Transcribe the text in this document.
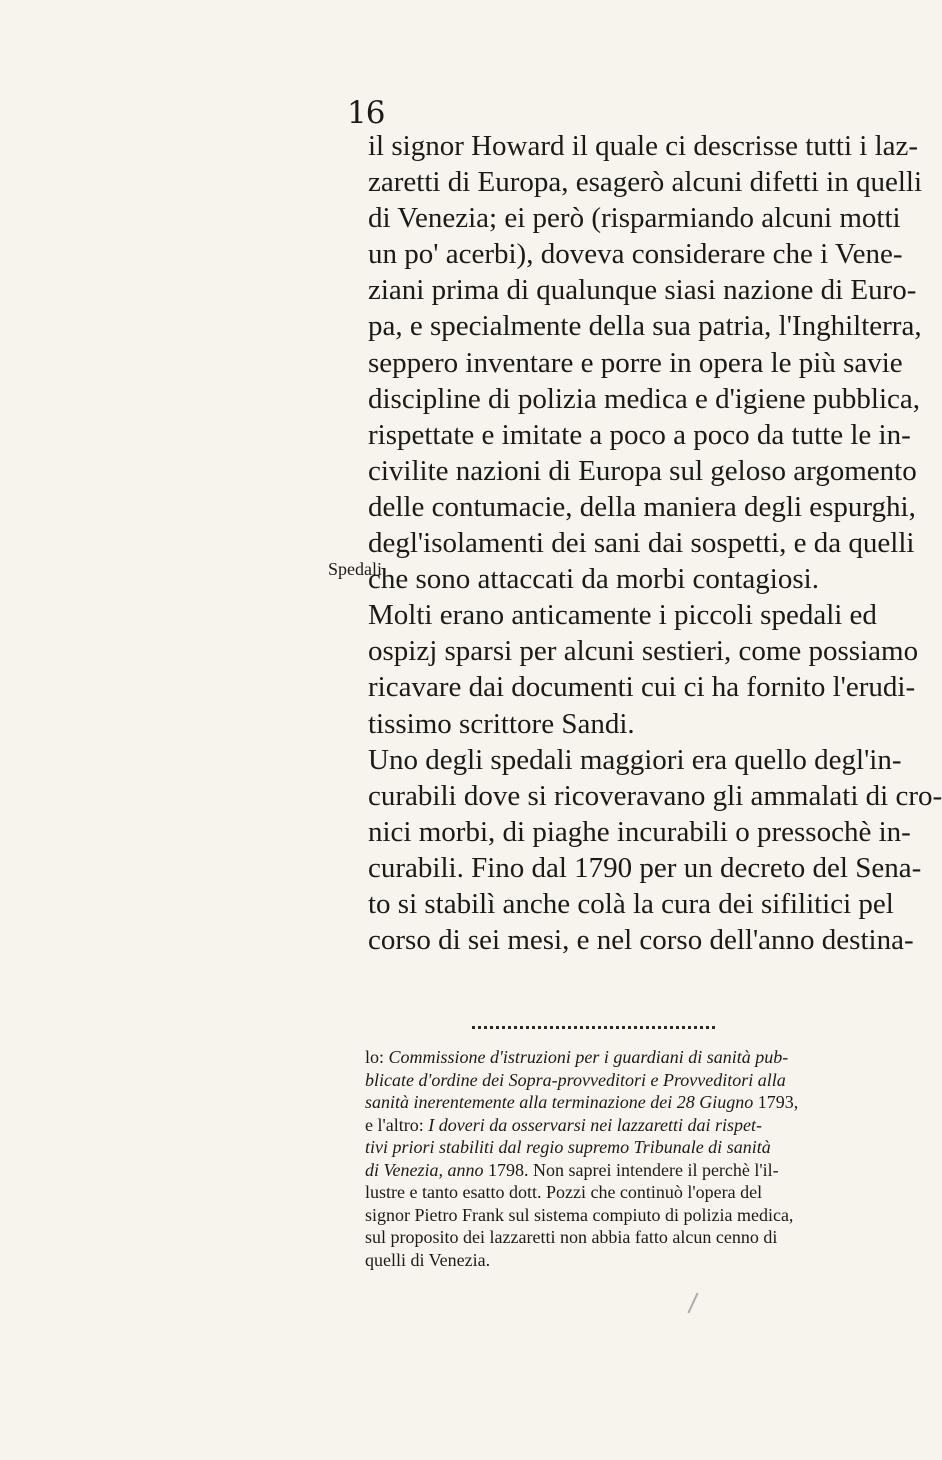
16
Spedali.
il signor Howard il quale ci descrisse tutti i laz-
zaretti di Europa, esagerò alcuni difetti in quelli
di Venezia; ei però (risparmiando alcuni motti
un po' acerbi), doveva considerare che i Vene-
ziani prima di qualunque siasi nazione di Euro-
pa, e specialmente della sua patria, l'Inghilterra,
seppero inventare e porre in opera le più savie
discipline di polizia medica e d'igiene pubblica,
rispettate e imitate a poco a poco da tutte le in-
civilite nazioni di Europa sul geloso argomento
delle contumacie, della maniera degli espurghi,
degl'isolamenti dei sani dai sospetti, e da quelli
che sono attaccati da morbi contagiosi.
Molti erano anticamente i piccoli spedali ed
ospizj sparsi per alcuni sestieri, come possiamo
ricavare dai documenti cui ci ha fornito l'erudi-
tissimo scrittore Sandi.
Uno degli spedali maggiori era quello degl'in-
curabili dove si ricoveravano gli ammalati di cro-
nici morbi, di piaghe incurabili o pressochè in-
curabili. Fino dal 1790 per un decreto del Sena-
to si stabilì anche colà la cura dei sifilitici pel
corso di sei mesi, e nel corso dell'anno destina-
lo: Commissione d'istruzioni per i guardiani di sanità pub-
blicate d'ordine dei Sopra-provveditori e Provveditori alla
sanità inerentemente alla terminazione dei 28 Giugno 1793,
e l'altro: I doveri da osservarsi nei lazzaretti dai rispet-
tivi priori stabiliti dal regio supremo Tribunale di sanità
di Venezia, anno 1798. Non saprei intendere il perchè l'il-
lustre e tanto esatto dott. Pozzi che continuò l'opera del
signor Pietro Frank sul sistema compiuto di polizia medica,
sul proposito dei lazzaretti non abbia fatto alcun cenno di
quelli di Venezia.
